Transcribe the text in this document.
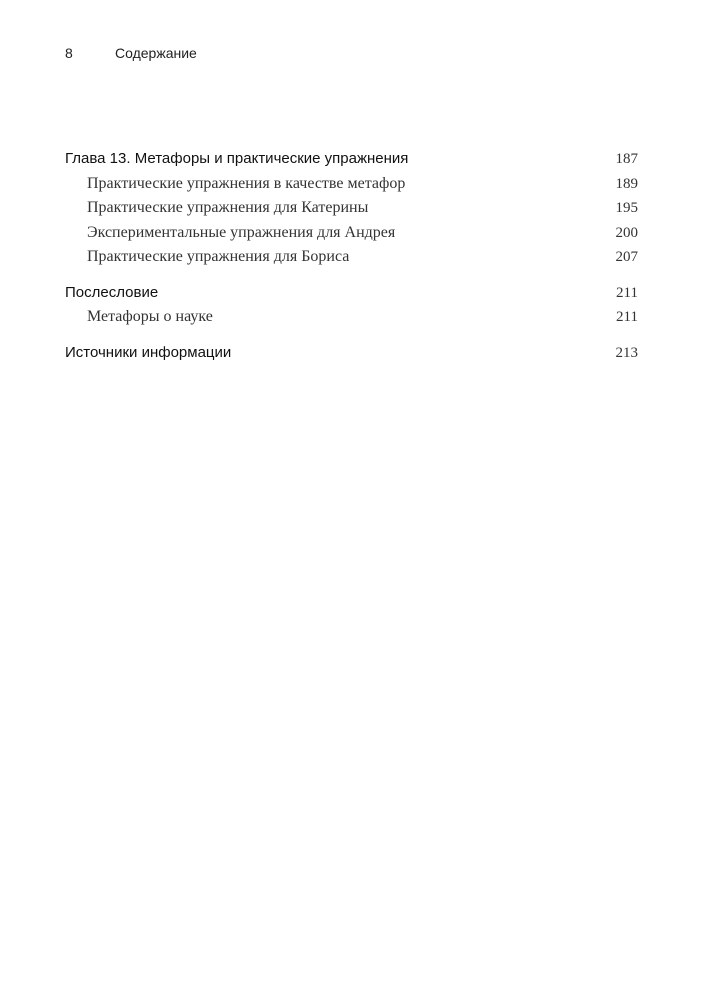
8	Содержание
Глава 13. Метафоры и практические упражнения	187
Практические упражнения в качестве метафор	189
Практические упражнения для Катерины	195
Экспериментальные упражнения для Андрея	200
Практические упражнения для Бориса	207
Послесловие	211
Метафоры о науке	211
Источники информации	213
